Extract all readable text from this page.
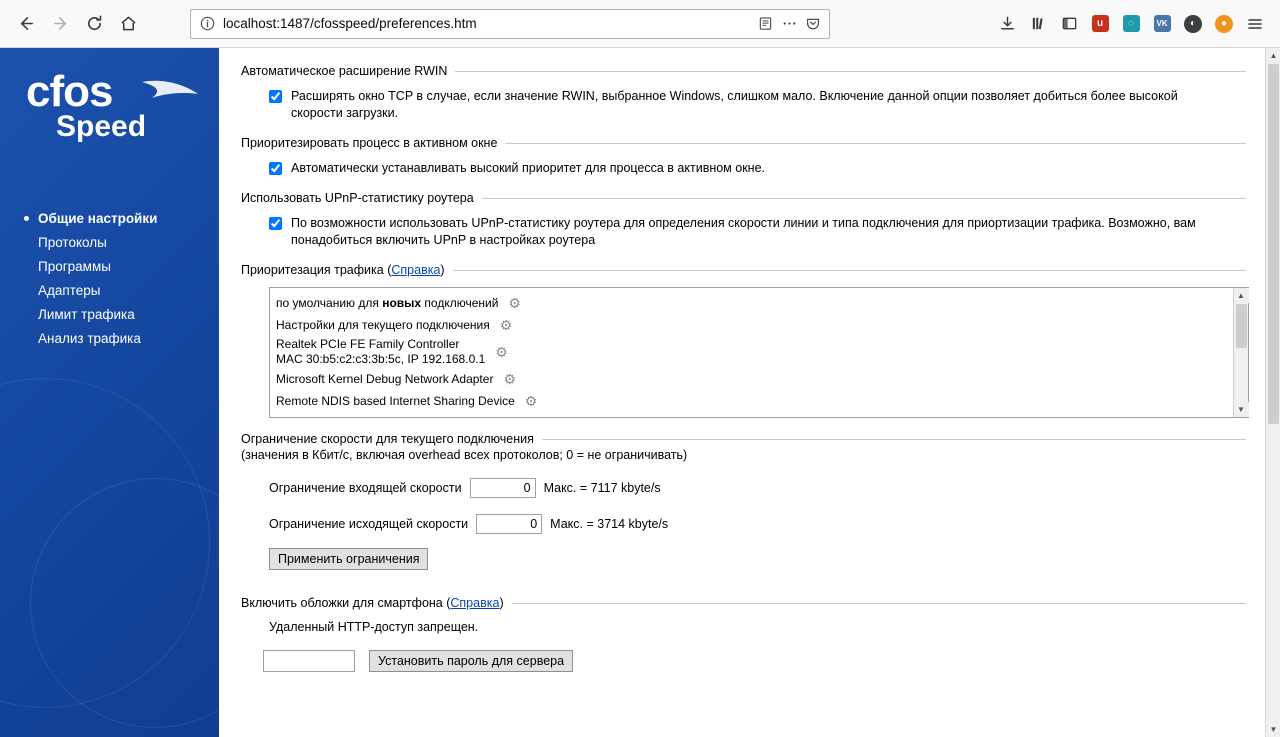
localhost:1487/cfosspeed/preferences.htm	u	◌	VK	◐	●
cfos
Speed
Общие настройки
Протоколы
Программы
Адаптеры
Лимит трафика
Анализ трафика
Автоматическое расширение RWIN
Расширять окно TCP в случае, если значение RWIN, выбранное Windows, слишком мало. Включение данной опции позволяет добиться более высокой скорости загрузки.
Приоритезировать процесс в активном окне
Автоматически устанавливать высокий приоритет для процесса в активном окне.
Использовать UPnP-статистику роутера
По возможности использовать UPnP-статистику роутера для определения скорости линии и типа подключения для приортизации трафика. Возможно, вам понадобиться включить UPnP в настройках роутера
Приоритезация трафика (Справка)
по умолчанию для новых подключений ⚙
Настройки для текущего подключения ⚙
Realtek PCIe FE Family Controller
MAC 30:b5:c2:c3:3b:5c, IP 192.168.0.1 ⚙
Microsoft Kernel Debug Network Adapter ⚙
Remote NDIS based Internet Sharing Device ⚙
▲
▼
Ограничение скорости для текущего подключения
(значения в Кбит/с, включая overhead всех протоколов; 0 = не ограничивать)
Ограничение входящей скорости
0	Макс. = 7117 kbyte/s
Ограничение исходящей скорости
0	Макс. = 3714 kbyte/s
Применить ограничения
Включить обложки для смартфона (Справка)
Удаленный HTTP-доступ запрещен.
Установить пароль для сервера
▲
▼
